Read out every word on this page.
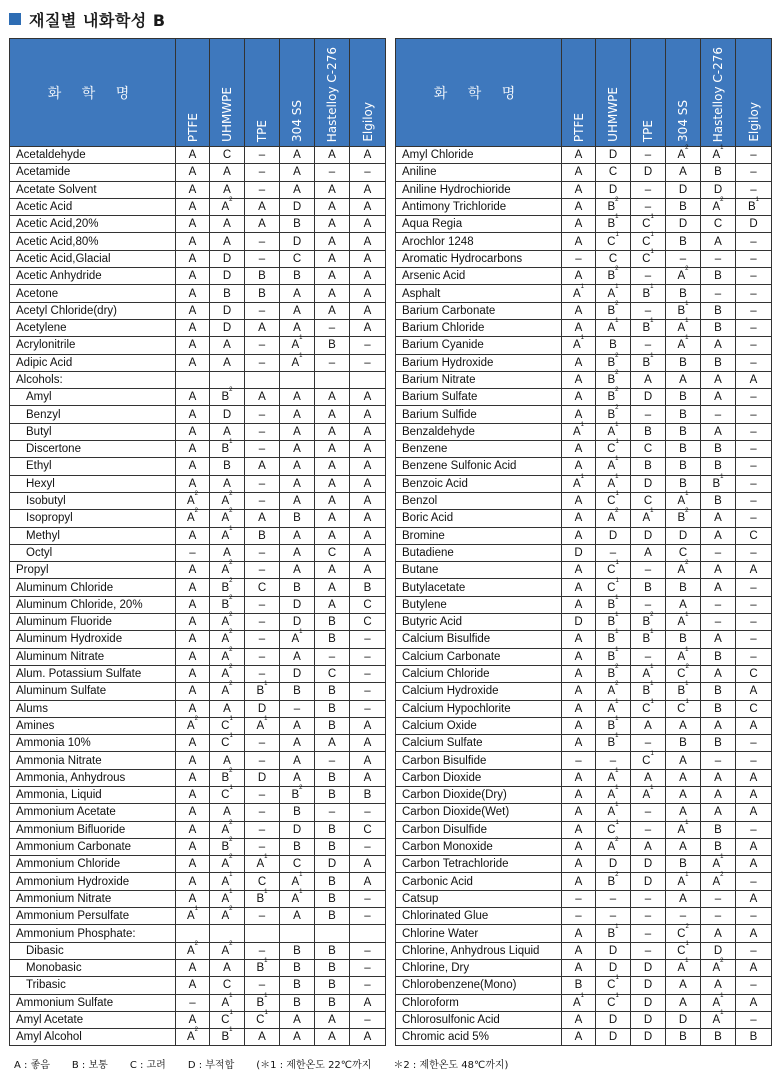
재질별 내화학성 B
화 학 명	PTFE	UHMWPE	TPE	304 SS	Hastelloy C-276	Elgiloy
Acetaldehyde	A	C	–	A	A	A
Acetamide	A	A	–	A	–	–
Acetate Solvent	A	A	–	A	A	A
Acetic Acid	A	$A^2$	A	D	A	A
Acetic Acid,20%	A	A	A	B	A	A
Acetic Acid,80%	A	A	–	D	A	A
Acetic Acid,Glacial	A	D	–	C	A	A
Acetic Anhydride	A	D	B	B	A	A
Acetone	A	B	B	A	A	A
Acetyl Chloride(dry)	A	D	–	A	A	A
Acetylene	A	D	A	A	–	A
Acrylonitrile	A	A	–	$A^1$	B	–
Adipic Acid	A	A	–	$A^1$	–	–
Alcohols:						
Amyl	A	$B^2$	A	A	A	A
Benzyl	A	D	–	A	A	A
Butyl	A	A	–	A	A	A
Discertone	A	$B^1$	–	A	A	A
Ethyl	A	B	A	A	A	A
Hexyl	A	A	–	A	A	A
Isobutyl	$A^2$	$A^2$	–	A	A	A
Isopropyl	$A^2$	$A^2$	A	B	A	A
Methyl	A	$A^1$	B	A	A	A
Octyl	–	A	–	A	C	A
Propyl	A	$A^2$	–	A	A	A
Aluminum Chloride	A	$B^2$	C	B	A	B
Aluminum Chloride, 20%	A	$B^2$	–	D	A	C
Aluminum Fluoride	A	$A^2$	–	D	B	C
Aluminum Hydroxide	A	$A^2$	–	$A^1$	B	–
Aluminum Nitrate	A	$A^2$	–	A	–	–
Alum. Potassium Sulfate	A	$A^2$	–	D	C	–
Aluminum Sulfate	A	$A^2$	$B^1$	B	B	–
Alums	A	A	D	–	B	–
Amines	$A^2$	$C^1$	$A^1$	A	B	A
Ammonia 10%	A	$C^1$	–	A	A	A
Ammonia Nitrate	A	A	–	A	–	A
Ammonia, Anhydrous	A	$B^2$	D	A	B	A
Ammonia, Liquid	A	$C^1$	–	$B^2$	B	B
Ammonium Acetate	A	A	–	B	–	–
Ammonium Bifluoride	A	$A^2$	–	D	B	C
Ammonium Carbonate	A	$B^2$	–	B	B	–
Ammonium Chloride	A	$A^2$	$A^1$	C	D	A
Ammonium Hydroxide	A	$A^1$	C	$A^1$	B	A
Ammonium Nitrate	A	$A^1$	$B^1$	$A^1$	B	–
Ammonium Persulfate	$A^1$	$A^2$	–	A	B	–
Ammonium Phosphate:						
Dibasic	$A^2$	$A^2$	–	B	B	–
Monobasic	A	A	$B^1$	B	B	–
Tribasic	A	C	–	B	B	–
Ammonium Sulfate	–	$A^1$	$B^1$	B	B	A
Amyl Acetate	A	$C^1$	$C^1$	A	A	–
Amyl Alcohol	$A^2$	$B^1$	A	A	A	A
화 학 명	PTFE	UHMWPE	TPE	304 SS	Hastelloy C-276	Elgiloy
Amyl Chloride	A	D	–	$A^2$	$A^1$	–
Aniline	A	C	D	A	B	–
Aniline Hydrochioride	A	D	–	D	D	–
Antimony Trichloride	A	$B^2$	–	B	$A^2$	$B^1$
Aqua Regia	A	$B^1$	$C^1$	D	C	D
Arochlor 1248	A	$C^1$	$C^1$	B	A	–
Aromatic Hydrocarbons	–	C	$C^1$	–	–	–
Arsenic Acid	A	$B^2$	–	$A^2$	B	–
Asphalt	$A^1$	$A^1$	$B^1$	B	–	–
Barium Carbonate	A	$B^2$	–	$B^1$	B	–
Barium Chloride	A	$A^1$	$B^1$	$A^1$	B	–
Barium Cyanide	$A^1$	B	–	$A^1$	A	–
Barium Hydroxide	A	$B^2$	$B^1$	B	B	–
Barium Nitrate	A	$B^2$	A	A	A	A
Barium Sulfate	A	$B^2$	D	B	A	–
Barium Sulfide	A	$B^2$	–	B	–	–
Benzaldehyde	$A^1$	$A^1$	B	B	A	–
Benzene	A	$C^1$	C	B	B	–
Benzene Sulfonic Acid	A	$A^1$	B	B	B	–
Benzoic Acid	$A^1$	$A^1$	D	B	$B^1$	–
Benzol	A	$C^1$	C	$A^1$	B	–
Boric Acid	A	$A^2$	$A^1$	$B^2$	A	–
Bromine	A	D	D	D	A	C
Butadiene	D	–	A	C	–	–
Butane	A	$C^1$	–	$A^2$	A	A
Butylacetate	A	$C^1$	B	B	A	–
Butylene	A	$B^1$	–	A	–	–
Butyric Acid	D	$B^1$	$B^2$	$A^1$	–	–
Calcium Bisulfide	A	$B^1$	$B^1$	B	A	–
Calcium Carbonate	A	$B^1$	–	$A^1$	B	–
Calcium Chloride	A	$B^2$	$A^1$	$C^2$	A	C
Calcium Hydroxide	A	$A^2$	$B^1$	$B^1$	B	A
Calcium Hypochlorite	A	$A^1$	$C^1$	$C^1$	B	C
Calcium Oxide	A	$B^1$	A	A	A	A
Calcium Sulfate	A	$B^1$	–	B	B	–
Carbon Bisulfide	–	–	$C^1$	A	–	–
Carbon Dioxide	A	$A^1$	A	A	A	A
Carbon Dioxide(Dry)	A	$A^1$	$A^1$	A	A	A
Carbon Dioxide(Wet)	A	$A^1$	–	A	A	A
Carbon Disulfide	A	$C^1$	–	$A^1$	B	–
Carbon Monoxide	A	$A^2$	A	A	B	A
Carbon Tetrachloride	A	D	D	B	$A^1$	A
Carbonic Acid	A	$B^2$	D	$A^1$	$A^2$	–
Catsup	–	–	–	A	–	A
Chlorinated Glue	–	–	–	–	–	–
Chlorine Water	A	$B^1$	–	$C^2$	A	A
Chlorine, Anhydrous Liquid	A	D	–	$C^1$	D	–
Chlorine, Dry	A	D	D	$A^1$	$A^2$	A
Chlorobenzene(Mono)	B	$C^1$	D	A	A	–
Chloroform	$A^1$	$C^1$	D	A	$A^1$	A
Chlorosulfonic Acid	A	D	D	D	$A^1$	–
Chromic acid 5%	A	D	D	B	B	B
A : 좋음 B : 보통 C : 고려 D : 부적합 (＊1 : 제한온도 22℃까지 ＊2 : 제한온도 48℃까지)
